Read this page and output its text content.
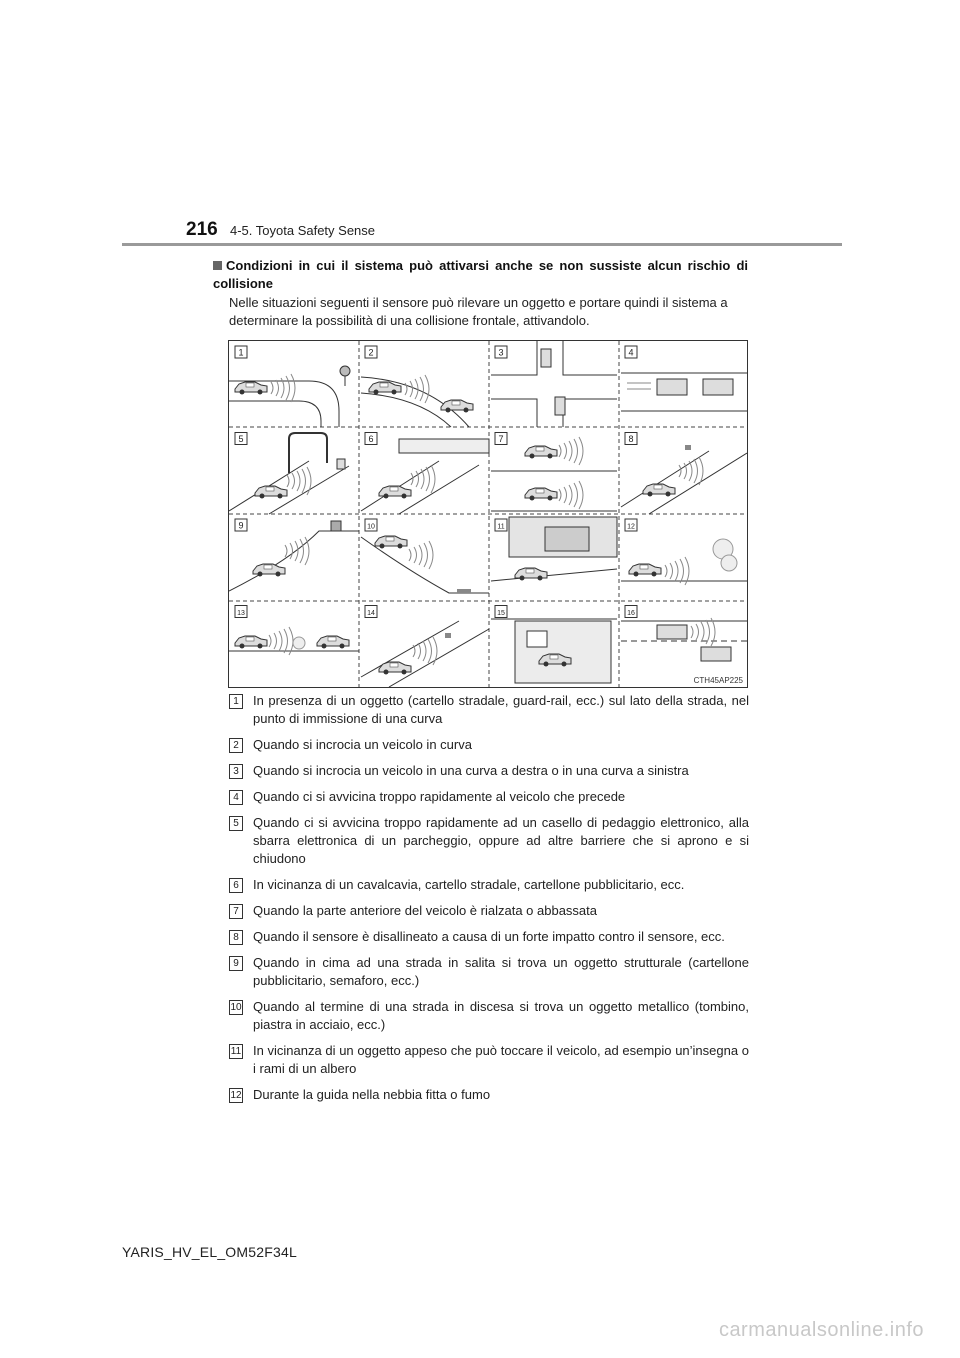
216 4-5. Toyota Safety Sense
Condizioni in cui il sistema può attivarsi anche se non sussiste alcun rischio di collisione
Nelle situazioni seguenti il sensore può rilevare un oggetto e portare quindi il sistema a determinare la possibilità di una collisione frontale, attivandolo.
1	2	3	4
5	6	7	8
9	10	11	12
13	14	15	16
CTH45AP225
1	In presenza di un oggetto (cartello stradale, guard-rail, ecc.) sul lato della strada, nel punto di immissione di una curva
2	Quando si incrocia un veicolo in curva
3	Quando si incrocia un veicolo in una curva a destra o in una curva a sinistra
4	Quando ci si avvicina troppo rapidamente al veicolo che precede
5	Quando ci si avvicina troppo rapidamente ad un casello di pedaggio elettronico, alla sbarra elettronica di un parcheggio, oppure ad altre barriere che si aprono e si chiudono
6	In vicinanza di un cavalcavia, cartello stradale, cartellone pubblicitario, ecc.
7	Quando la parte anteriore del veicolo è rialzata o abbassata
8	Quando il sensore è disallineato a causa di un forte impatto contro il sensore, ecc.
9	Quando in cima ad una strada in salita si trova un oggetto strutturale (cartellone pubblicitario, semaforo, ecc.)
10 Quando al termine di una strada in discesa si trova un oggetto metallico (tombino, piastra in acciaio, ecc.)
11 In vicinanza di un oggetto appeso che può toccare il veicolo, ad esempio un’insegna o i rami di un albero
12 Durante la guida nella nebbia fitta o fumo
YARIS_HV_EL_OM52F34L
carmanualsonline.info
